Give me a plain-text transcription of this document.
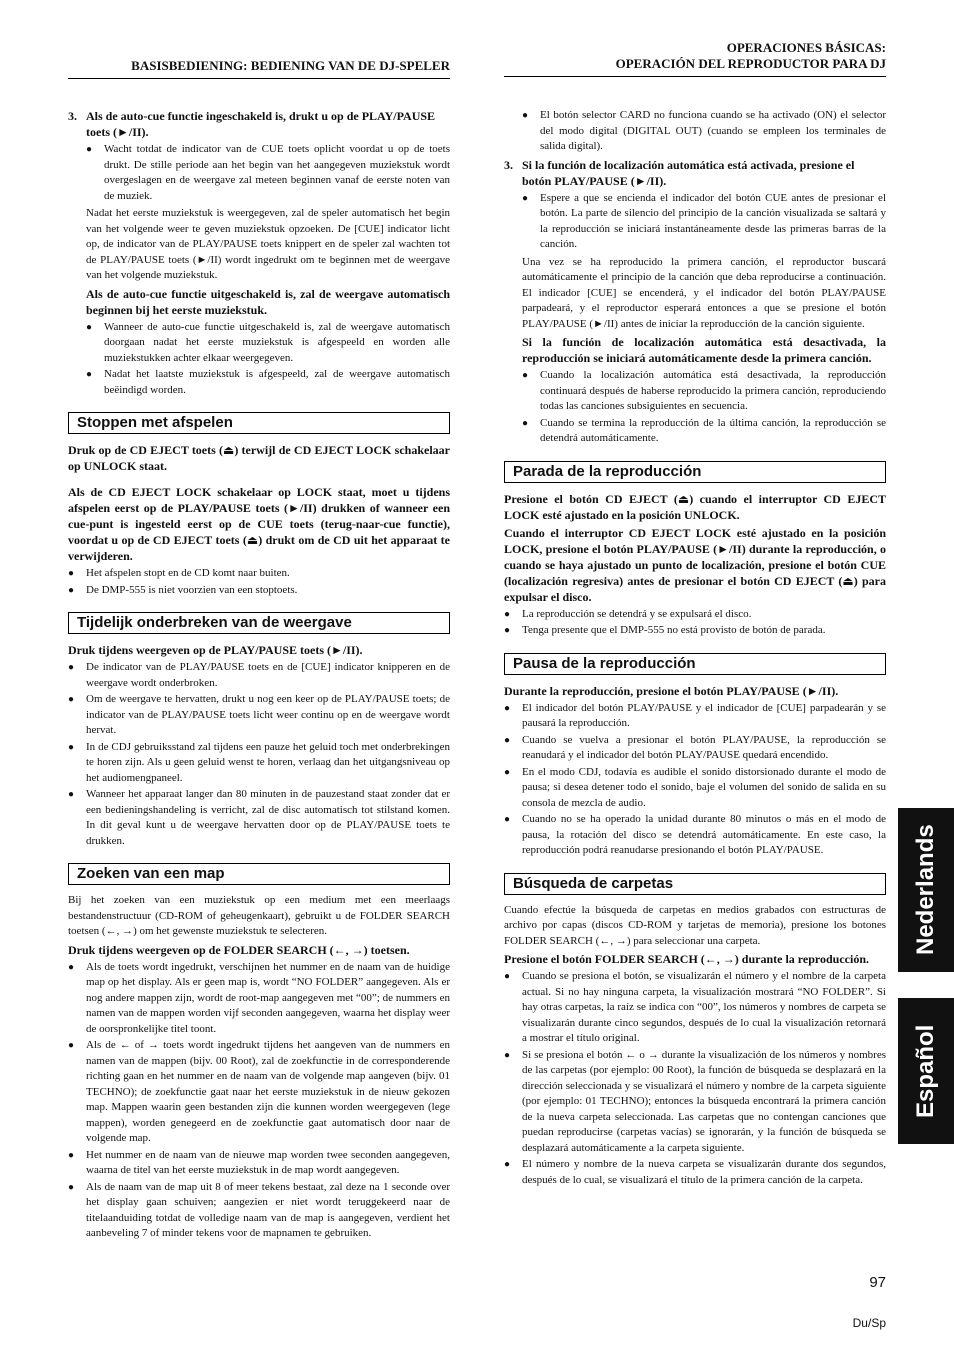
BASISBEDIENING: BEDIENING VAN DE DJ-SPELER
OPERACIONES BÁSICAS:
OPERACIÓN DEL REPRODUCTOR PARA DJ
3. Als de auto-cue functie ingeschakeld is, drukt u op de PLAY/PAUSE toets (►/II).
● Wacht totdat de indicator van de CUE toets oplicht voordat u op de toets drukt. De stille periode aan het begin van het aangegeven muziekstuk wordt overgeslagen en de weergave zal meteen beginnen vanaf de eerste noten van de muziek.

Nadat het eerste muziekstuk is weergegeven, zal de speler automatisch het begin van het volgende weer te geven muziekstuk opzoeken. De [CUE] indicator licht op, de indicator van de PLAY/PAUSE toets knippert en de speler zal wachten tot de PLAY/PAUSE toets (►/II) wordt ingedrukt om te beginnen met de weergave van het volgende muziekstuk.

Als de auto-cue functie uitgeschakeld is, zal de weergave automatisch beginnen bij het eerste muziekstuk.

● Wanneer de auto-cue functie uitgeschakeld is, zal de weergave automatisch doorgaan nadat het eerste muziekstuk is afgespeeld en worden alle muziekstukken achter elkaar weergegeven.
● Nadat het laatste muziekstuk is afgespeeld, zal de weergave automatisch beëindigd worden.
Stoppen met afspelen

Druk op de CD EJECT toets (⏏) terwijl de CD EJECT LOCK schakelaar op UNLOCK staat.

Als de CD EJECT LOCK schakelaar op LOCK staat, moet u tijdens afspelen eerst op de PLAY/PAUSE toets (►/II) drukken of wanneer een cue-punt is ingesteld eerst op de CUE toets (terug-naar-cue functie), voordat u op de CD EJECT toets (⏏) drukt om de CD uit het apparaat te verwijderen.

● Het afspelen stopt en de CD komt naar buiten.
● De DMP-555 is niet voorzien van een stoptoets.
Tijdelijk onderbreken van de weergave

Druk tijdens weergeven op de PLAY/PAUSE toets (►/II).

● De indicator van de PLAY/PAUSE toets en de [CUE] indicator knipperen en de weergave wordt onderbroken.
● Om de weergave te hervatten, drukt u nog een keer op de PLAY/PAUSE toets; de indicator van de PLAY/PAUSE toets licht weer continu op en de weergave wordt hervat.
● In de CDJ gebruiksstand zal tijdens een pauze het geluid toch met onderbrekingen te horen zijn. Als u geen geluid wenst te horen, verlaag dan het uitgangsniveau op het audiomengpaneel.
● Wanneer het apparaat langer dan 80 minuten in de pauzestand staat zonder dat er een bedieningshandeling is verricht, zal de disc automatisch tot stilstand komen. In dit geval kunt u de weergave hervatten door op de PLAY/PAUSE toets te drukken.
Zoeken van een map

Bij het zoeken van een muziekstuk op een medium met een meerlaags bestandenstructuur (CD-ROM of geheugenkaart), gebruikt u de FOLDER SEARCH toetsen (←, →) om het gewenste muziekstuk te selecteren.

Druk tijdens weergeven op de FOLDER SEARCH (←, →) toetsen.

● Als de toets wordt ingedrukt, verschijnen het nummer en de naam van de huidige map op het display. Als er geen map is, wordt “NO FOLDER” aangegeven. Als er nog andere mappen zijn, wordt de root-map aangegeven met “00”; de nummers en namen van de mappen worden vijf seconden aangegeven, waarna het display weer de oorspronkelijke titel toont.
● Als de ← of → toets wordt ingedrukt tijdens het aangeven van de nummers en namen van de mappen (bijv. 00 Root), zal de zoekfunctie in de corresponderende richting gaan en het nummer en de naam van de volgende map aangeven (bijv. 01 TECHNO); de zoekfunctie gaat naar het eerste muziekstuk in de nieuw gekozen map. Mappen waarin geen bestanden zijn die kunnen worden weergegeven (lege mappen), worden genegeerd en de zoekfunctie gaat automatisch door naar de volgende map.
● Het nummer en de naam van de nieuwe map worden twee seconden aangegeven, waarna de titel van het eerste muziekstuk in de map wordt aangegeven.
● Als de naam van de map uit 8 of meer tekens bestaat, zal deze na 1 seconde over het display gaan schuiven; aangezien er niet wordt teruggekeerd naar de titelaanduiding totdat de volledige naam van de map is aangegeven, verdient het aanbeveling 7 of minder tekens voor de mapnamen te gebruiken.
● El botón selector CARD no funciona cuando se ha activado (ON) el selector del modo digital (DIGITAL OUT) (cuando se empleen los terminales de salida digital).
3. Si la función de localización automática está activada, presione el botón PLAY/PAUSE (►/II).
● Espere a que se encienda el indicador del botón CUE antes de presionar el botón. La parte de silencio del principio de la canción visualizada se saltará y la reproducción se iniciará instantáneamente desde las primeras barras de la canción.

Una vez se ha reproducido la primera canción, el reproductor buscará automáticamente el principio de la canción que deba reproducirse a continuación. El indicador [CUE] se encenderá, y el indicador del botón PLAY/PAUSE parpadeará, y el reproductor esperará entonces a que se presione el botón PLAY/PAUSE (►/II) antes de iniciar la reproducción de la canción siguiente.

Si la función de localización automática está desactivada, la reproducción se iniciará automáticamente desde la primera canción.

● Cuando la localización automática está desactivada, la reproducción continuará después de haberse reproducido la primera canción, reproduciendo todas las canciones subsiguientes en secuencia.
● Cuando se termina la reproducción de la última canción, la reproducción se detendrá automáticamente.
Parada de la reproducción

Presione el botón CD EJECT (⏏) cuando el interruptor CD EJECT LOCK esté ajustado en la posición UNLOCK.

Cuando el interruptor CD EJECT LOCK esté ajustado en la posición LOCK, presione el botón PLAY/PAUSE (►/II) durante la reproducción, o cuando se haya ajustado un punto de localización, presione el botón CUE (localización regresiva) antes de presionar el botón CD EJECT (⏏) para expulsar el disco.

● La reproducción se detendrá y se expulsará el disco.
● Tenga presente que el DMP-555 no está provisto de botón de parada.
Pausa de la reproducción

Durante la reproducción, presione el botón PLAY/PAUSE (►/II).

● El indicador del botón PLAY/PAUSE y el indicador de [CUE] parpadearán y se pausará la reproducción.
● Cuando se vuelva a presionar el botón PLAY/PAUSE, la reproducción se reanudará y el indicador del botón PLAY/PAUSE quedará encendido.
● En el modo CDJ, todavía es audible el sonido distorsionado durante el modo de pausa; si desea detener todo el sonido, baje el volumen del sonido de salida en su consola de mezcla de audio.
● Cuando no se ha operado la unidad durante 80 minutos o más en el modo de pausa, la rotación del disco se detendrá automáticamente. En este caso, la reproducción podrá reanudarse presionando el botón PLAY/PAUSE.
Búsqueda de carpetas

Cuando efectúe la búsqueda de carpetas en medios grabados con estructuras de archivo por capas (discos CD-ROM y tarjetas de memoria), presione los botones FOLDER SEARCH (←, →) para seleccionar una carpeta.

Presione el botón FOLDER SEARCH (←, →) durante la reproducción.

● Cuando se presiona el botón, se visualizarán el número y el nombre de la carpeta actual. Si no hay ninguna carpeta, la visualización mostrará “NO FOLDER”. Si hay otras carpetas, la raíz se indica con “00”, los números y nombres de carpeta se visualizarán durante cinco segundos, después de lo cual la visualización retornará a mostrar el título original.
● Si se presiona el botón ← o → durante la visualización de los números y nombres de las carpetas (por ejemplo: 00 Root), la función de búsqueda se desplazará en la dirección seleccionada y se visualizará el número y nombre de la carpeta siguiente (por ejemplo: 01 TECHNO); entonces la búsqueda encontrará la primera canción de la nueva carpeta seleccionada. Las carpetas que no contengan canciones que puedan reproducirse (carpetas vacías) se ignorarán, y la función de búsqueda se desplazará automáticamente a la carpeta siguiente.
● El número y nombre de la nueva carpeta se visualizarán durante dos segundos, después de lo cual, se visualizará el título de la primera canción de la carpeta.
Nederlands
Español
97
Du/Sp
